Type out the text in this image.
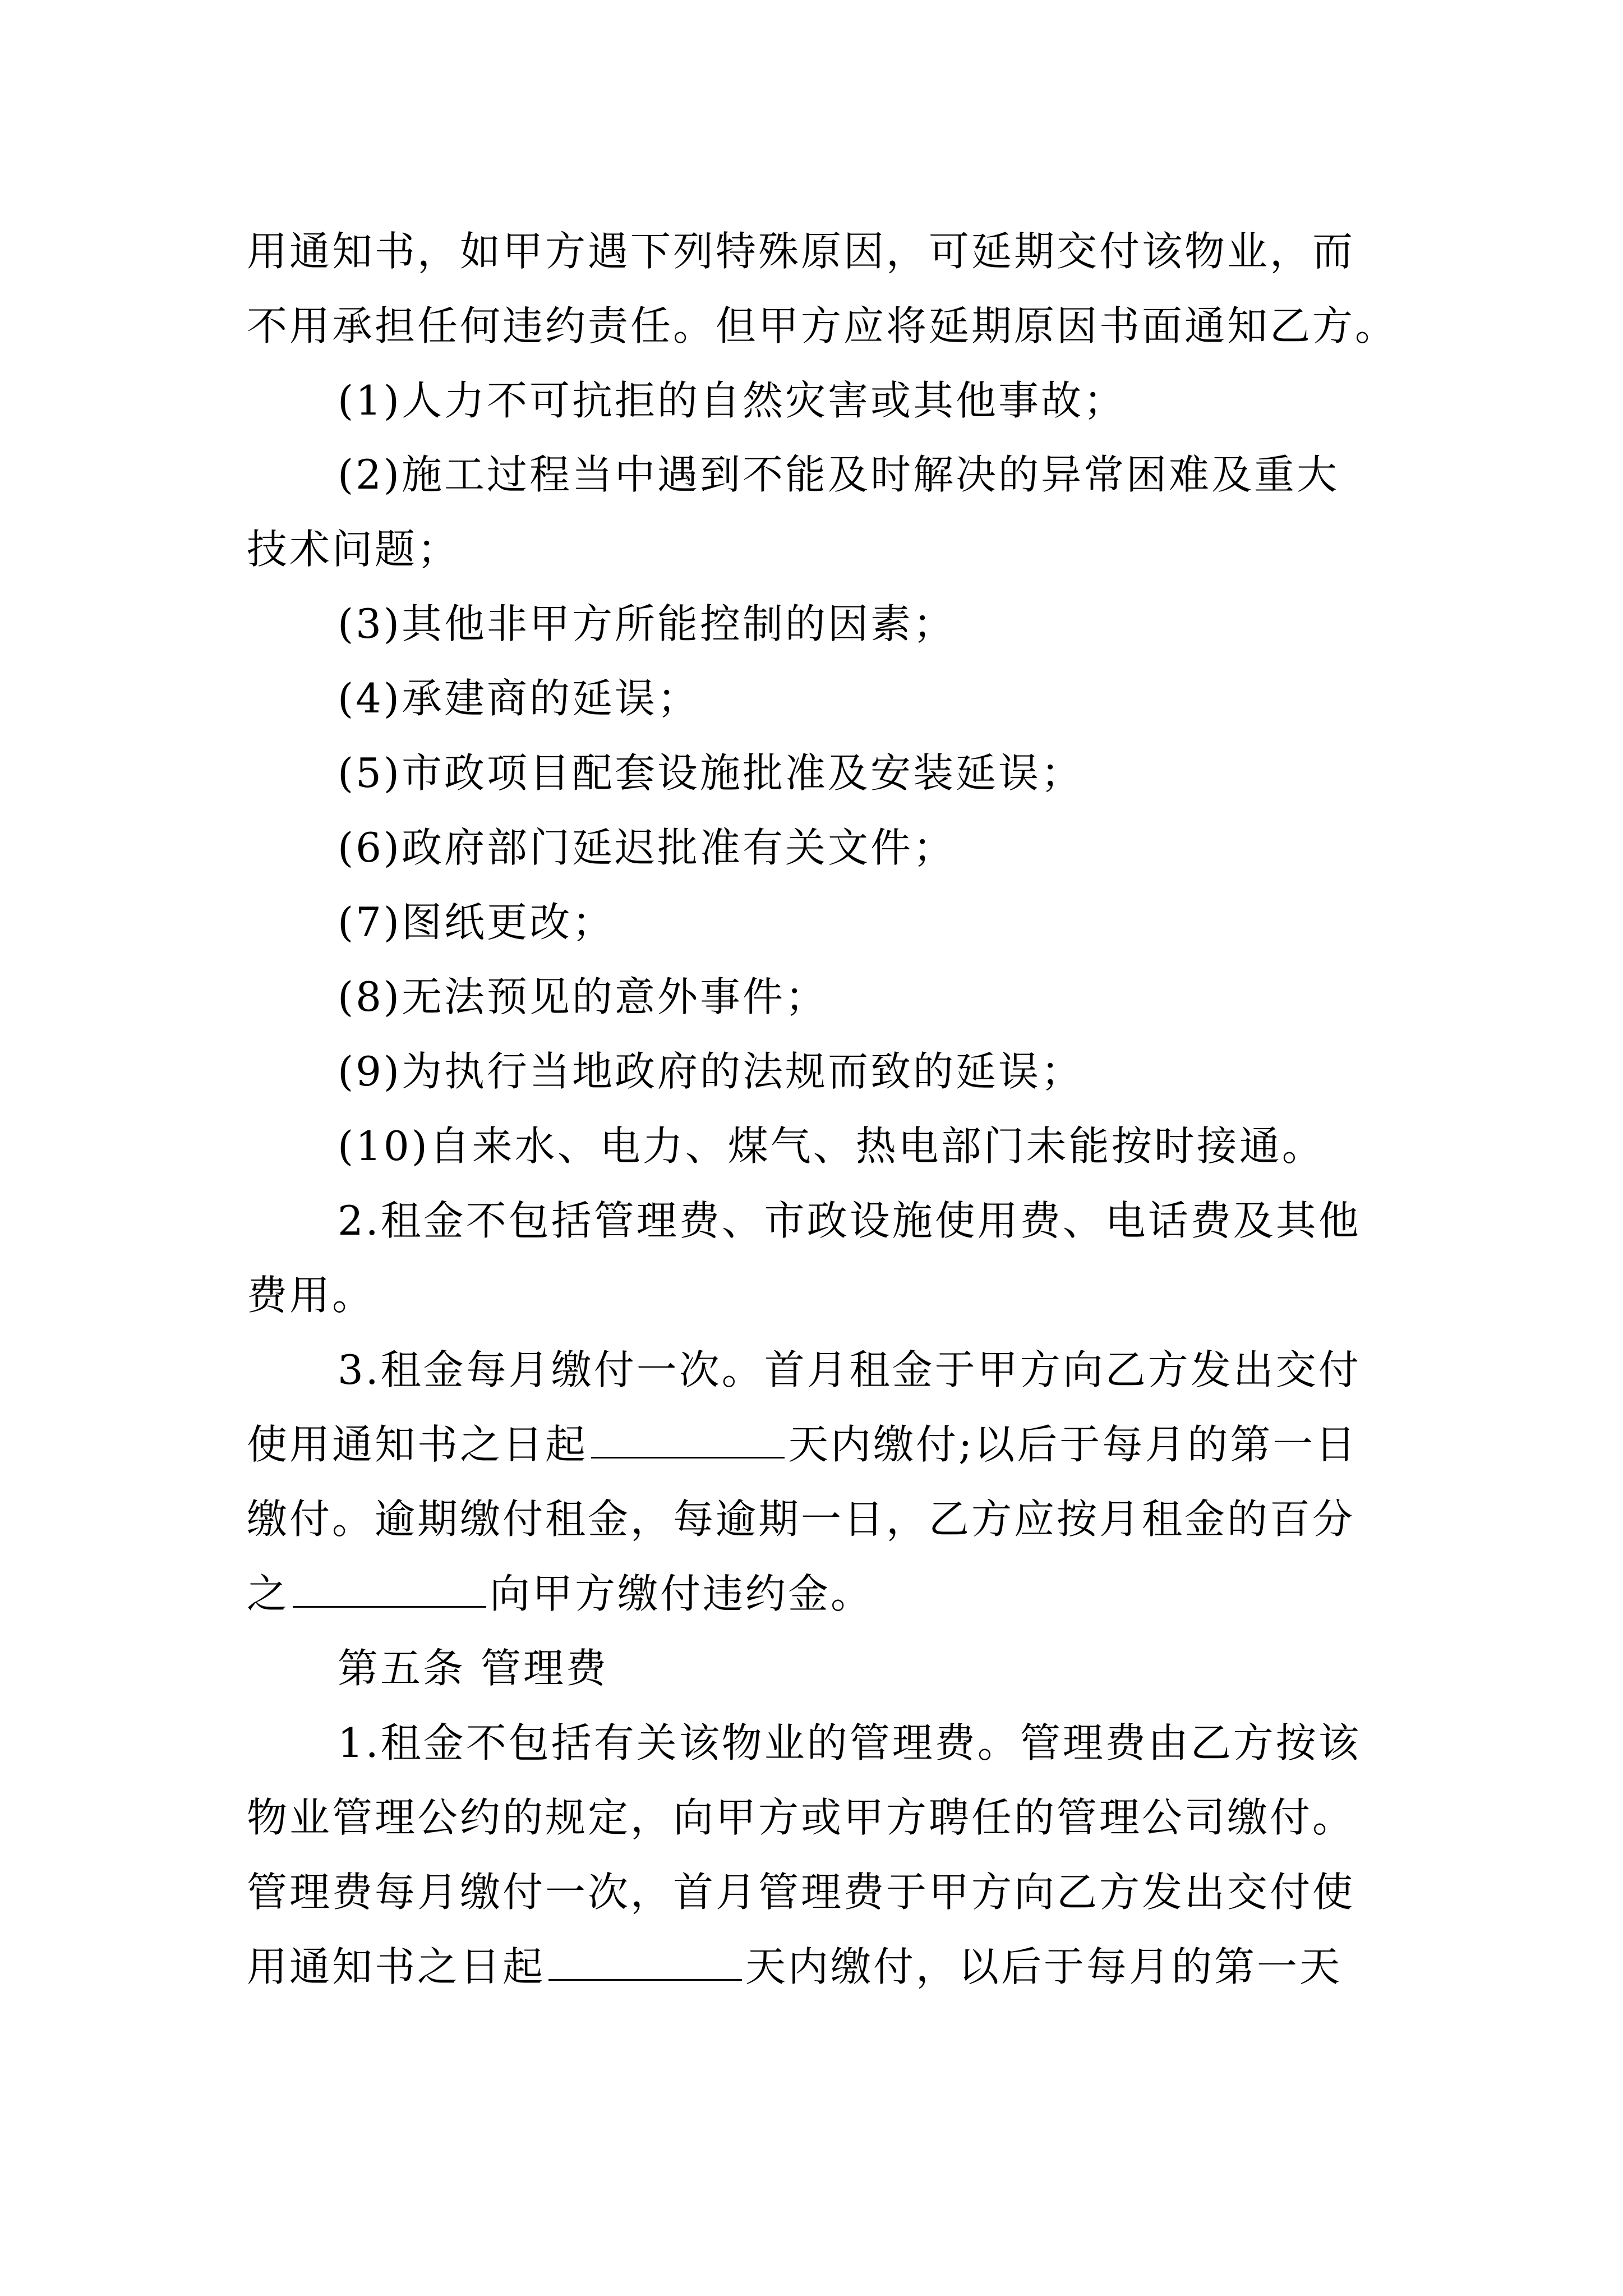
用通知书，如甲方遇下列特殊原因，可延期交付该物业，而
不用承担任何违约责任。但甲方应将延期原因书面通知乙方。
(1)人力不可抗拒的自然灾害或其他事故；
(2)施工过程当中遇到不能及时解决的异常困难及重大
技术问题；
(3)其他非甲方所能控制的因素；
(4)承建商的延误；
(5)市政项目配套设施批准及安装延误；
(6)政府部门延迟批准有关文件；
(7)图纸更改；
(8)无法预见的意外事件；
(9)为执行当地政府的法规而致的延误；
(10)自来水、电力、煤气、热电部门未能按时接通。
2.租金不包括管理费、市政设施使用费、电话费及其他
费用。
3.租金每月缴付一次。首月租金于甲方向乙方发出交付
使用通知书之日起	天内缴付;以后于每月的第一日
缴付。逾期缴付租金，每逾期一日，乙方应按月租金的百分
之	向甲方缴付违约金。
第五条 管理费
1.租金不包括有关该物业的管理费。管理费由乙方按该
物业管理公约的规定，向甲方或甲方聘任的管理公司缴付。
管理费每月缴付一次，首月管理费于甲方向乙方发出交付使
用通知书之日起	天内缴付，以后于每月的第一天
